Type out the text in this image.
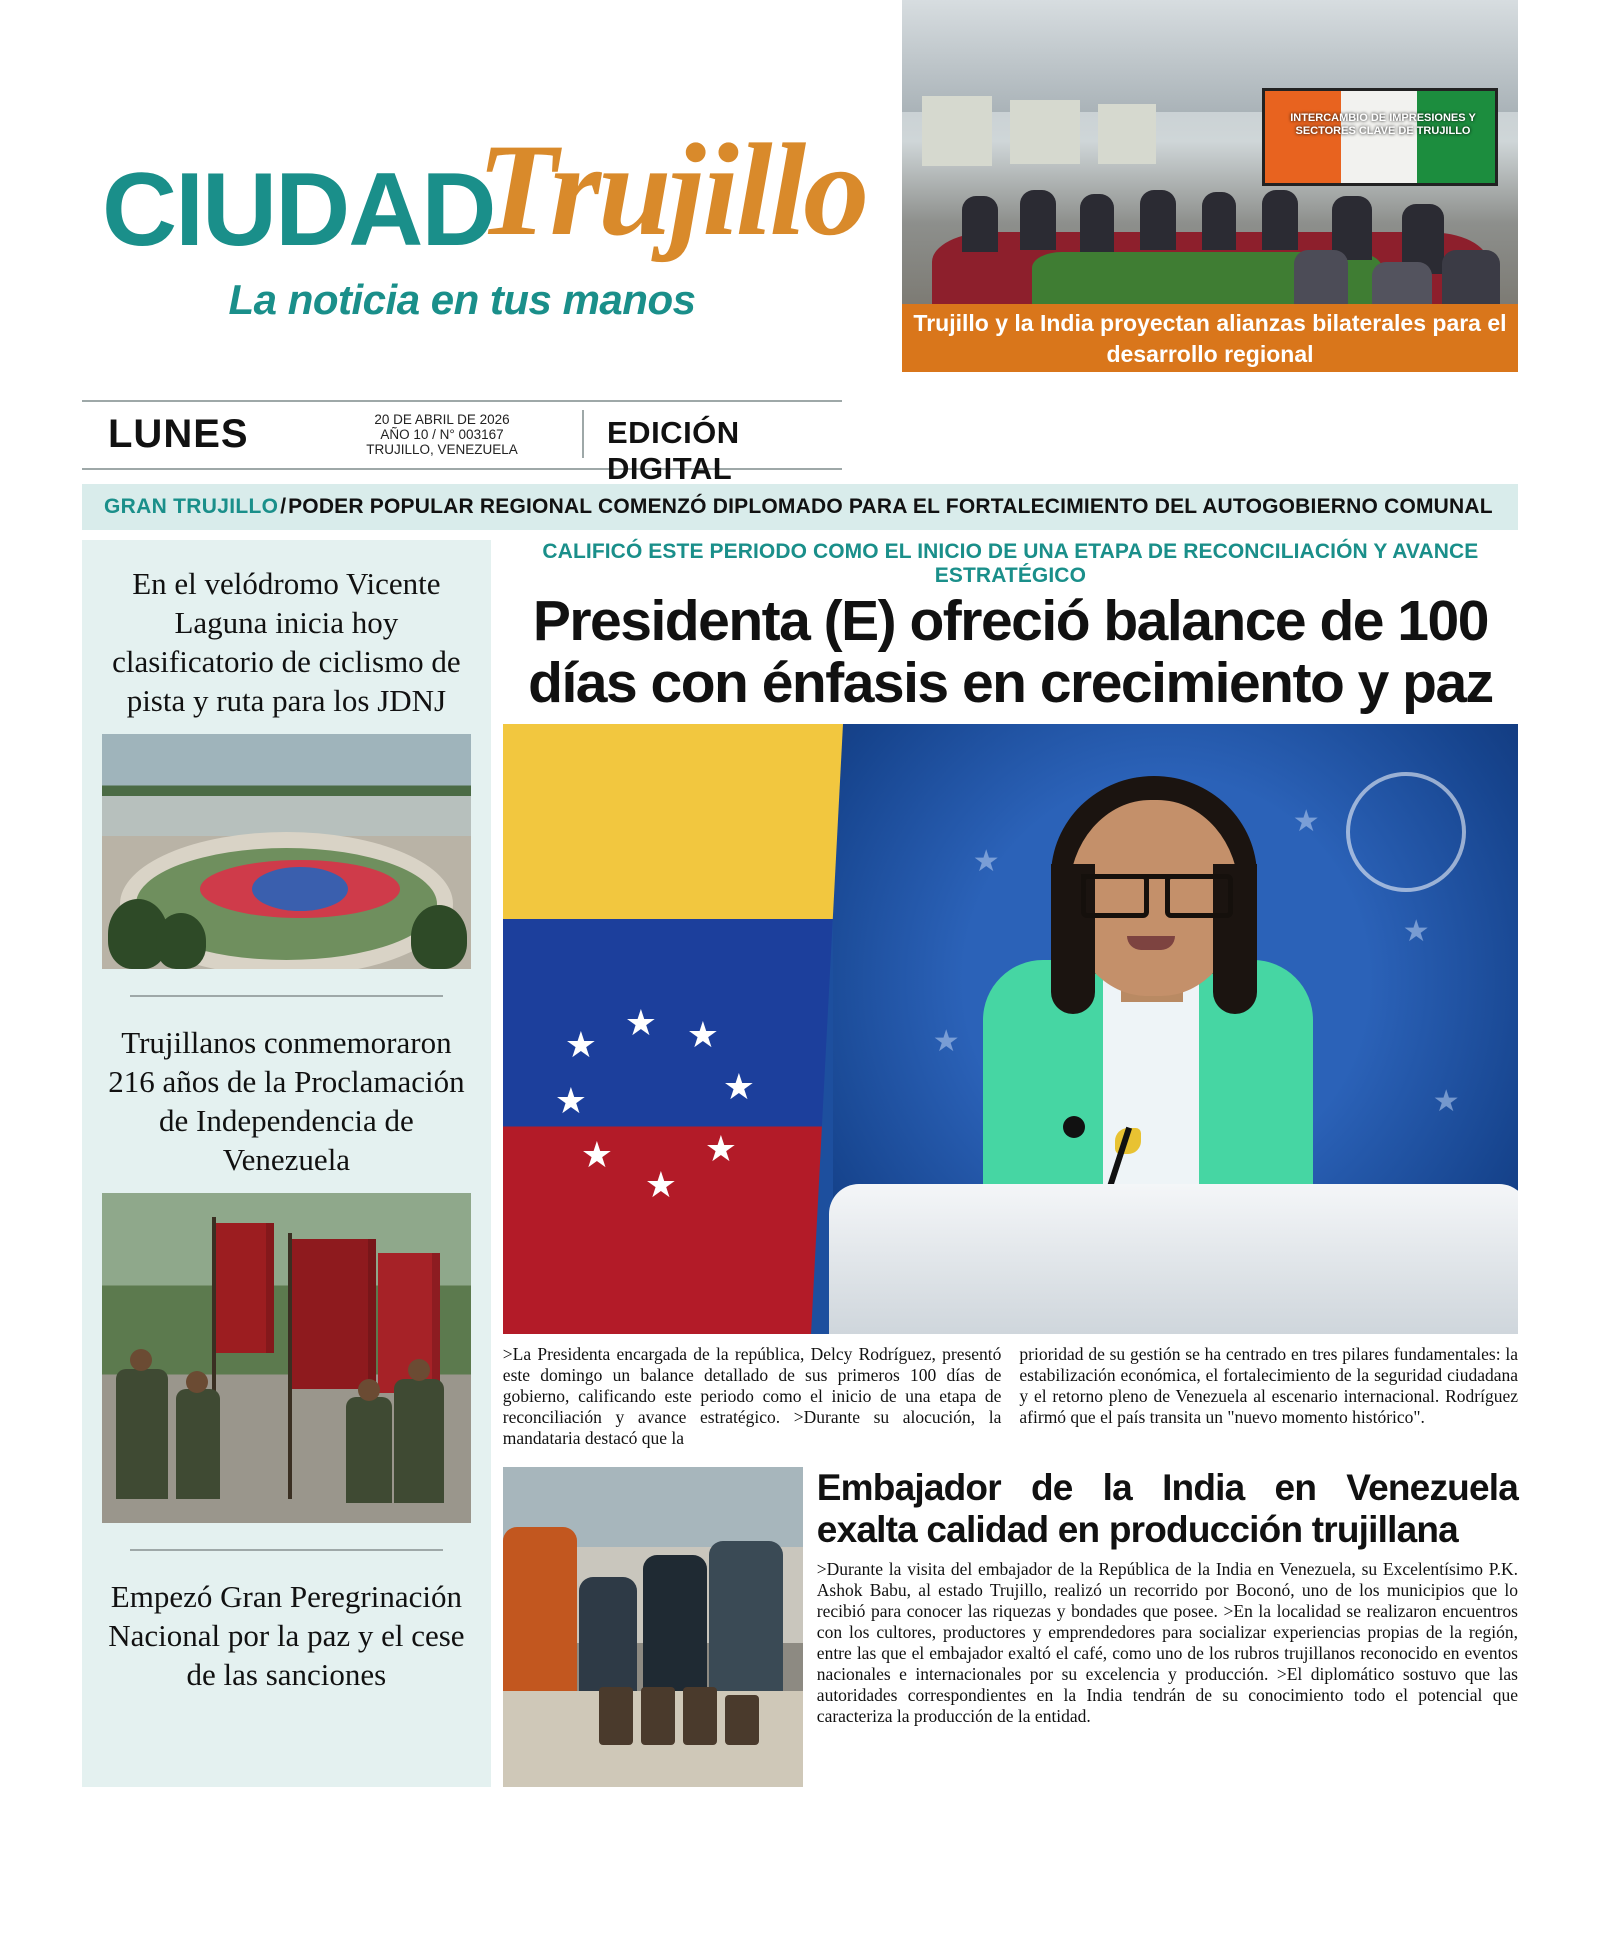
CIUDAD
Trujillo
La noticia en tus manos
INTERCAMBIO DE IMPRESIONES Y SECTORES CLAVE DE TRUJILLO
Trujillo y la India proyectan alianzas bilaterales para el desarrollo regional
LUNES	20 DE ABRIL DE 2026
AÑO 10 / N° 003167
TRUJILLO, VENEZUELA	EDICIÓN DIGITAL
GRAN TRUJILLO / PODER POPULAR REGIONAL COMENZÓ DIPLOMADO PARA EL FORTALECIMIENTO DEL AUTOGOBIERNO COMUNAL
En el velódromo Vicente Laguna inicia hoy clasificatorio de ciclismo de pista y ruta para los JDNJ
Trujillanos conmemoraron 216 años de la Proclamación de Independencia de Venezuela
Empezó Gran Peregrinación Nacional por la paz y el cese de las sanciones
CALIFICÓ ESTE PERIODO COMO EL INICIO DE UNA ETAPA DE RECONCILIACIÓN Y AVANCE ESTRATÉGICO
Presidenta (E) ofreció balance de 100 días con énfasis en crecimiento y paz
★
★
★
★
★
★
★ ★
★
★
★
★
★

>La Presidenta encargada de la república, Delcy Rodríguez, presentó este domingo un balance detallado de sus primeros 100 días de gobierno, calificando este periodo como el inicio de una etapa de reconciliación y avance estratégico. >Durante su alocución, la mandataria destacó que la

prioridad de su gestión se ha centrado en tres pilares fundamentales: la estabilización económica, el fortalecimiento de la seguridad ciudadana y el retorno pleno de Venezuela al escenario internacional. Rodríguez afirmó que el país transita un "nuevo momento histórico".

Embajador de la India en Venezuela exalta calidad en producción trujillana

>Durante la visita del embajador de la República de la India en Venezuela, su Excelentísimo P.K. Ashok Babu, al estado Trujillo, realizó un recorrido por Boconó, uno de los municipios que lo recibió para conocer las riquezas y bondades que posee. >En la localidad se realizaron encuentros con los cultores, productores y emprendedores para socializar experiencias propias de la región, entre las que el embajador exaltó el café, como uno de los rubros trujillanos reconocido en eventos nacionales e internacionales por su excelencia y producción. >El diplomático sostuvo que las autoridades correspondientes en la India tendrán de su conocimiento todo el potencial que caracteriza la producción de la entidad.
